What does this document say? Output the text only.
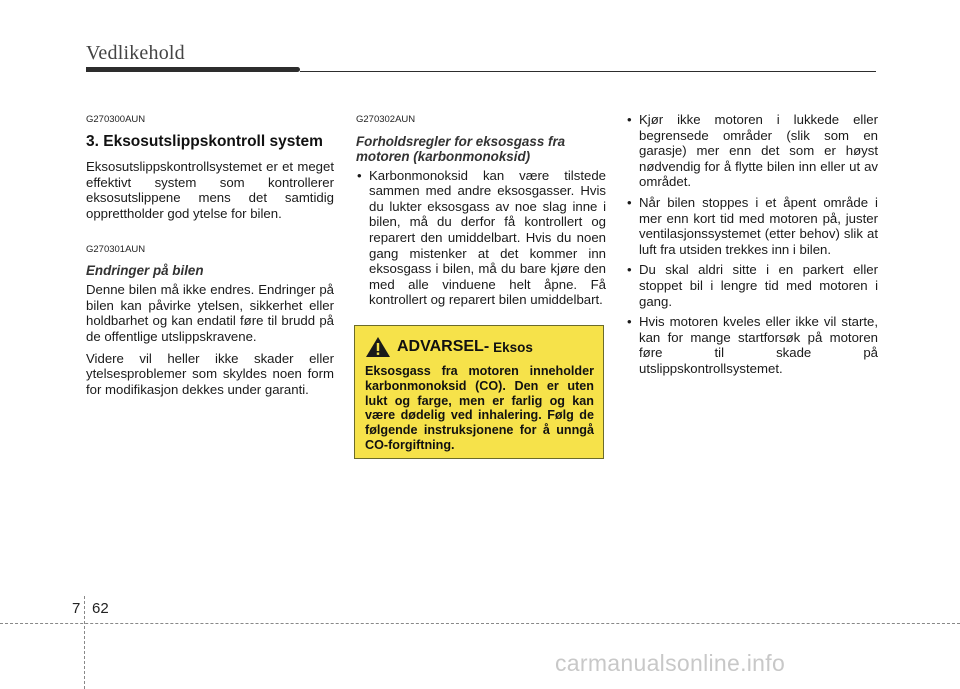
Vedlikehold
G270300AUN
3. Eksosutslippskontroll system

Eksosutslippskontrollsystemet er et meget effektivt system som kontrollerer eksosutslippene mens det samtidig opprettholder god ytelse for bilen.

G270301AUN
Endringer på bilen

Denne bilen må ikke endres. Endringer på bilen kan påvirke ytelsen, sikkerhet eller holdbarhet og kan endatil føre til brudd på de offentlige utslippskravene.

Videre vil heller ikke skader eller ytelsesproblemer som skyldes noen form for modifikasjon dekkes under garanti.

G270302AUN
Forholdsregler for eksosgass fra motoren (karbonmonoksid)
• Karbonmonoksid kan være tilstede sammen med andre eksosgasser. Hvis du lukter eksosgass av noe slag inne i bilen, må du derfor få kontrollert og reparert den umiddelbart. Hvis du noen gang mistenker at det kommer inn eksosgass i bilen, må du bare kjøre den med alle vinduene helt åpne. Få kontrollert og reparert bilen umiddelbart.
ADVARSEL- Eksos

Eksosgass fra motoren inneholder karbonmonoksid (CO). Den er uten lukt og farge, men er farlig og kan være dødelig ved inhalering. Følg de følgende instruksjonene for å unngå CO-forgiftning.

• Kjør ikke motoren i lukkede eller begrensede områder (slik som en garasje) mer enn det som er høyst nødvendig for å flytte bilen inn eller ut av området.
• Når bilen stoppes i et åpent område i mer enn kort tid med motoren på, juster ventilasjonssystemet (etter behov) slik at luft fra utsiden trekkes inn i bilen.
• Du skal aldri sitte i en parkert eller stoppet bil i lengre tid med motoren i gang.
• Hvis motoren kveles eller ikke vil starte, kan for mange startforsøk på motoren føre til skade på utslippskontrollsystemet.
7 62
carmanualsonline.info
